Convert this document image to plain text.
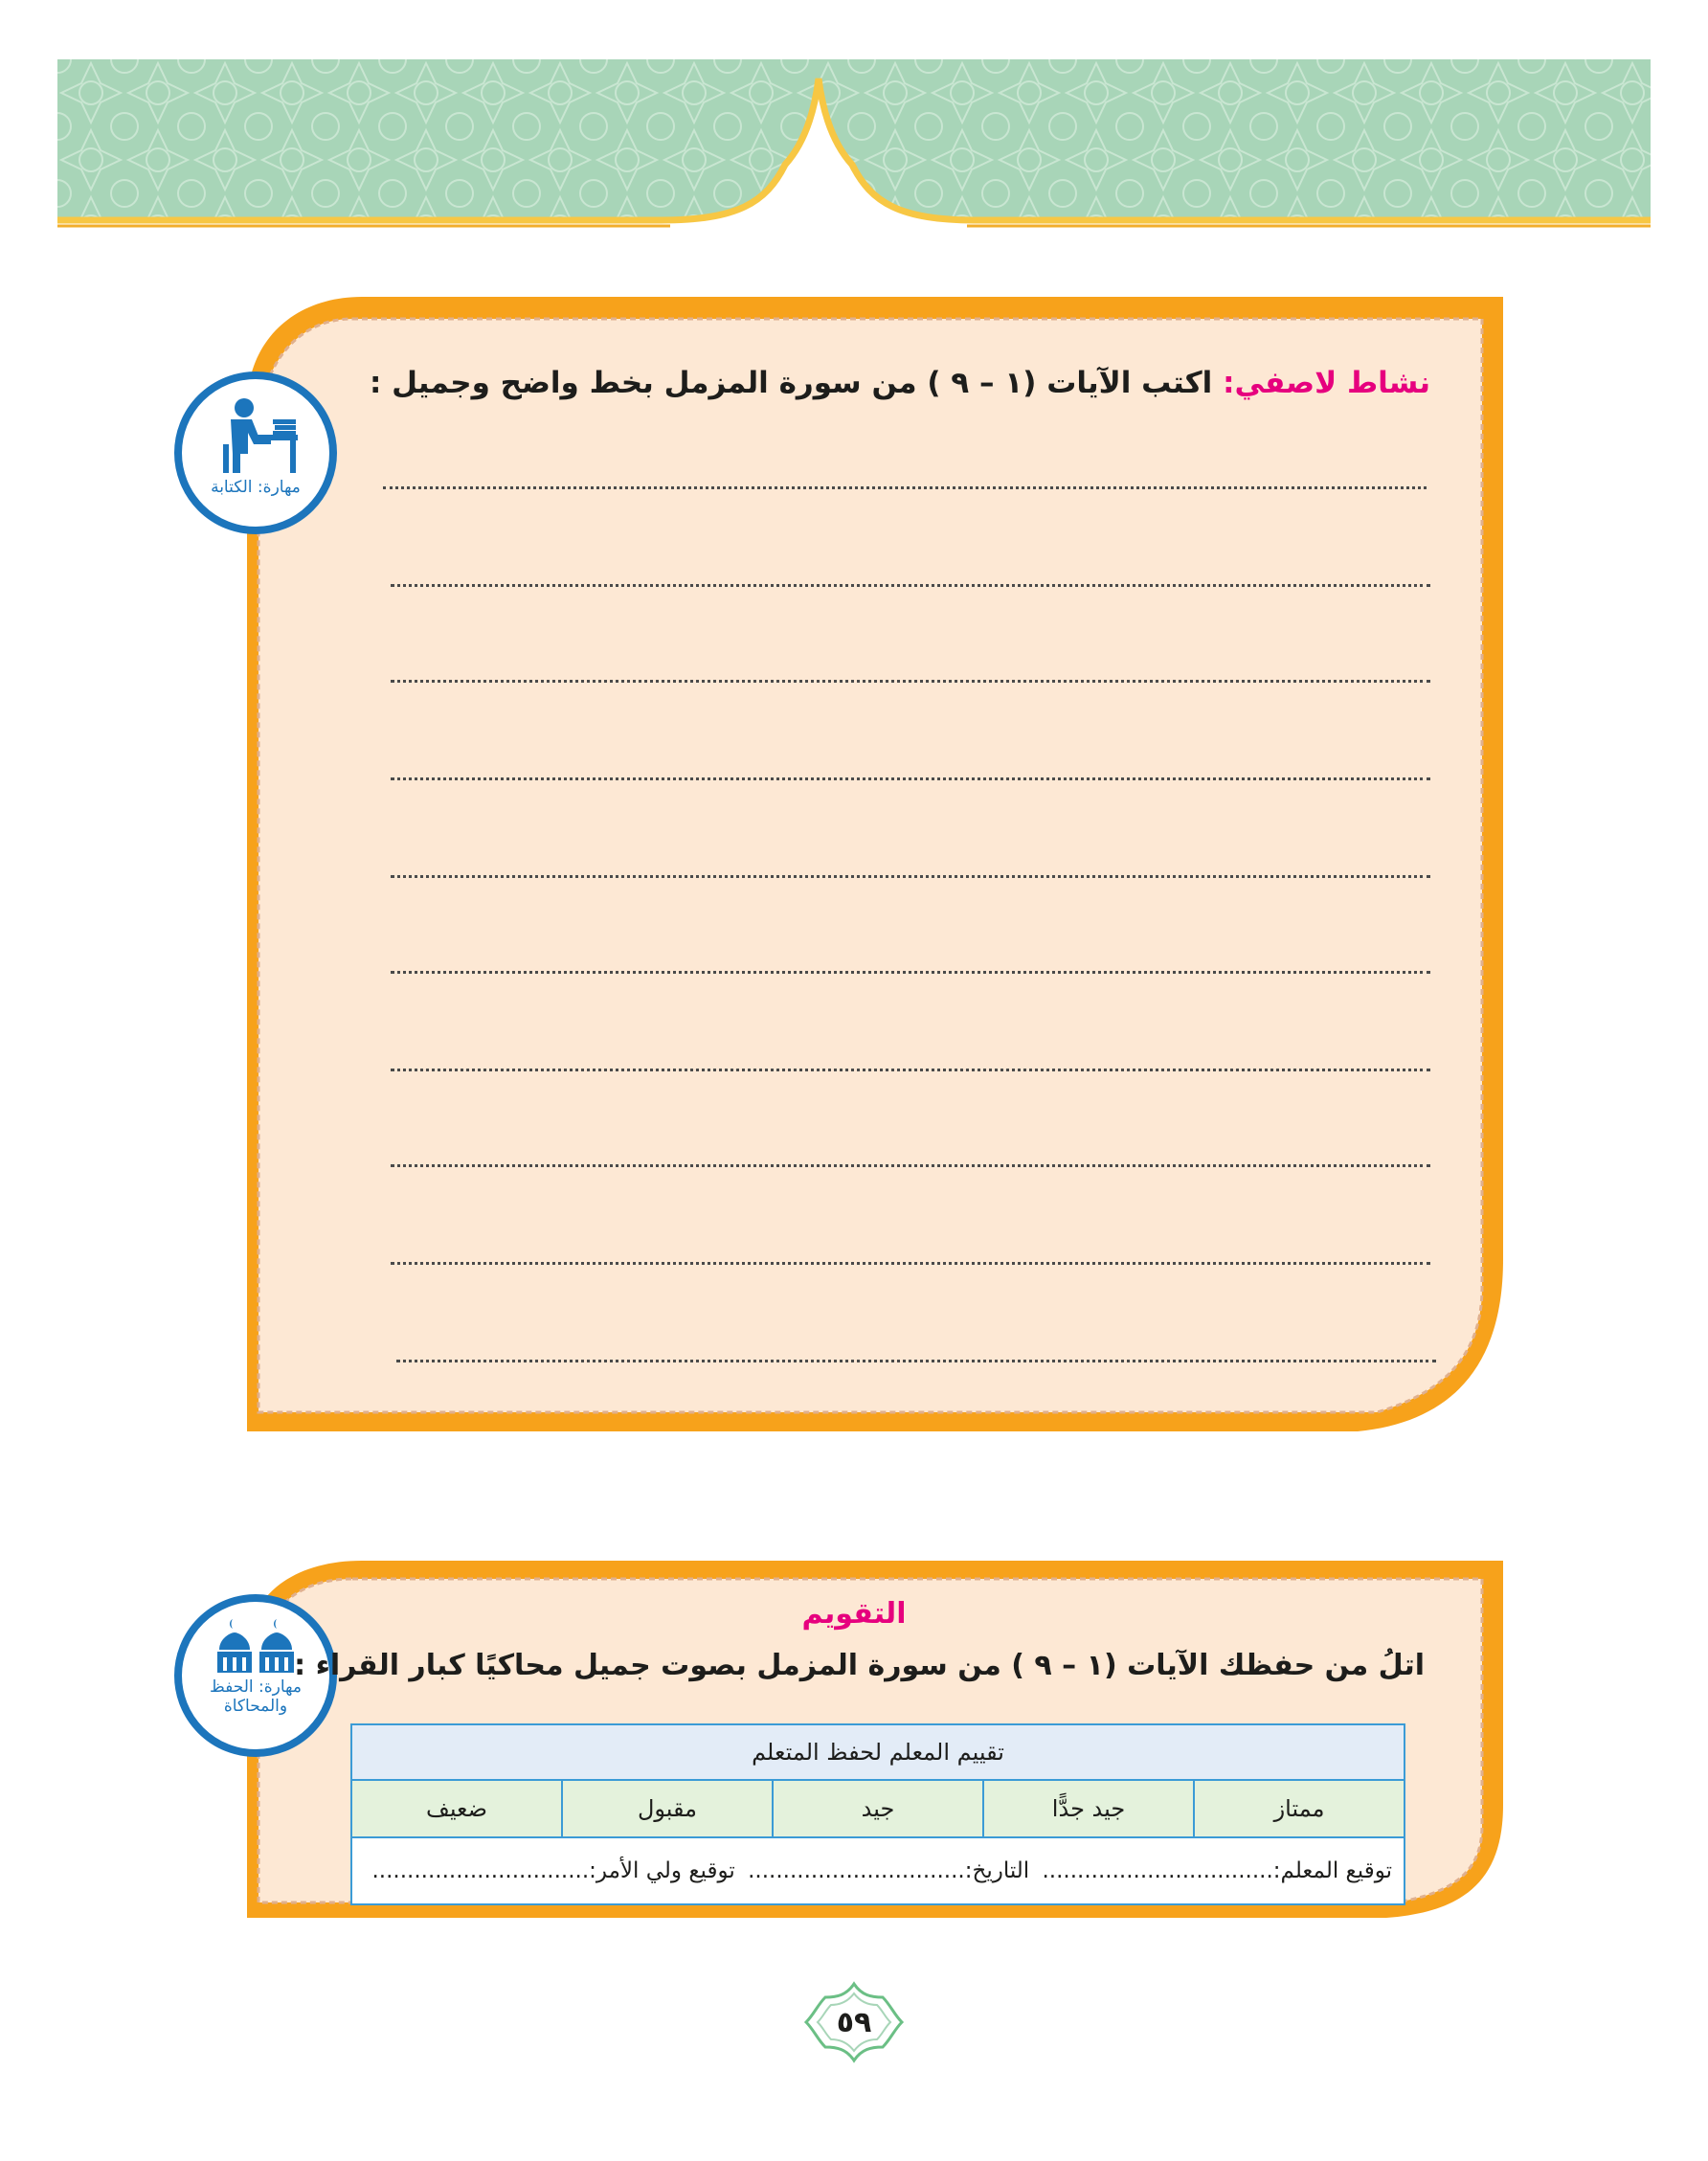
مهارة: الكتابة
نشاط لاصفي: اكتب الآيات (١ – ٩ ) من سورة المزمل بخط واضح وجميل :
مهارة: الحفظ
والمحاكاة
التقويم
اتلُ من حفظك الآيات (١ – ٩ ) من سورة المزمل بصوت جميل محاكيًا كبار القراء :
تقييم المعلم لحفظ المتعلم
ممتاز	جيد جدًّا	جيد	مقبول	ضعيف
توقيع المعلم:................................. التاريخ:............................... توقيع ولي الأمر:...............................
٥٩
